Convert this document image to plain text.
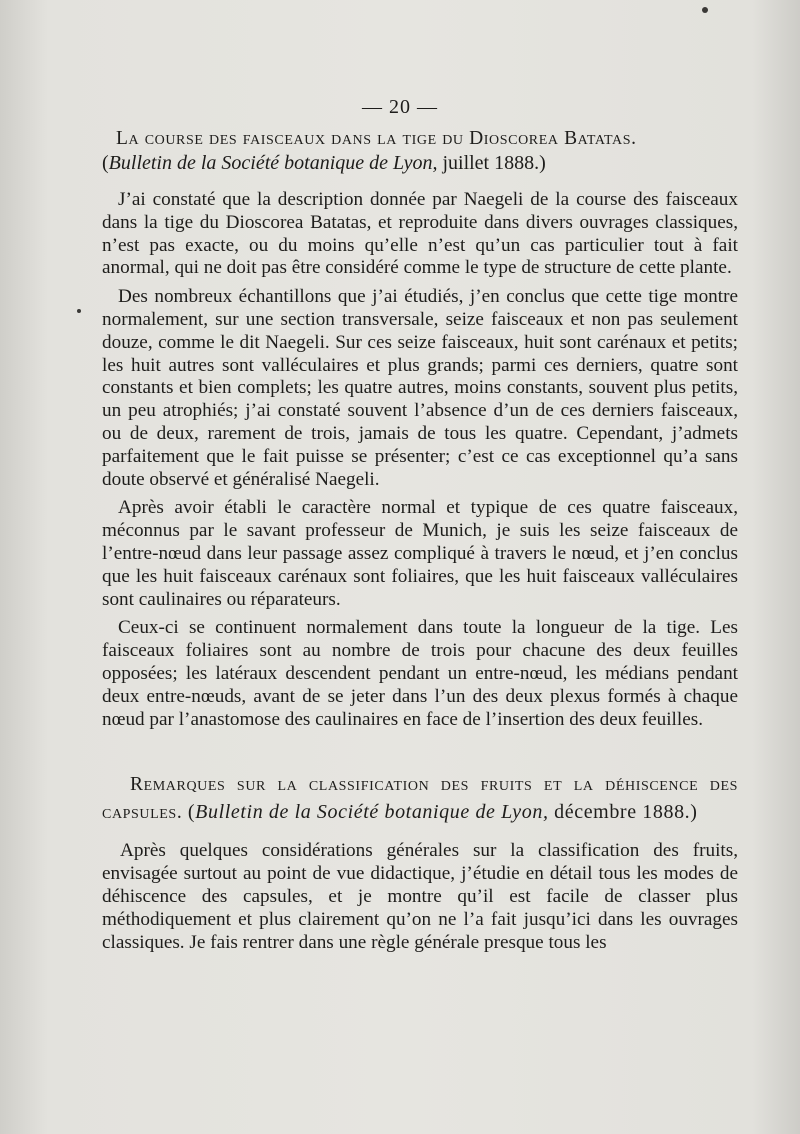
— 20 —

La course des faisceaux dans la tige du Dioscorea Batatas.

(Bulletin de la Société botanique de Lyon, juillet 1888.)

J’ai constaté que la description donnée par Naegeli de la course des faisceaux dans la tige du Dioscorea Batatas, et reproduite dans divers ouvrages classiques, n’est pas exacte, ou du moins qu’elle n’est qu’un cas particulier tout à fait anormal, qui ne doit pas être considéré comme le type de structure de cette plante.

Des nombreux échantillons que j’ai étudiés, j’en conclus que cette tige montre normalement, sur une section transversale, seize faisceaux et non pas seulement douze, comme le dit Naegeli. Sur ces seize faisceaux, huit sont carénaux et petits; les huit autres sont valléculaires et plus grands; parmi ces derniers, quatre sont constants et bien complets; les quatre autres, moins constants, souvent plus petits, un peu atrophiés; j’ai constaté souvent l’absence d’un de ces derniers faisceaux, ou de deux, rarement de trois, jamais de tous les quatre. Cependant, j’admets parfaitement que le fait puisse se présenter; c’est ce cas exceptionnel qu’a sans doute observé et généralisé Naegeli.

Après avoir établi le caractère normal et typique de ces quatre faisceaux, méconnus par le savant professeur de Munich, je suis les seize faisceaux de l’entre-nœud dans leur passage assez compliqué à travers le nœud, et j’en conclus que les huit faisceaux carénaux sont foliaires, que les huit faisceaux valléculaires sont caulinaires ou réparateurs.

Ceux-ci se continuent normalement dans toute la longueur de la tige. Les faisceaux foliaires sont au nombre de trois pour chacune des deux feuilles opposées; les latéraux descendent pendant un entre-nœud, les médians pendant deux entre-nœuds, avant de se jeter dans l’un des deux plexus formés à chaque nœud par l’anastomose des caulinaires en face de l’insertion des deux feuilles.

Remarques sur la classification des fruits et la déhiscence des capsules. (Bulletin de la Société botanique de Lyon, décembre 1888.)

Après quelques considérations générales sur la classification des fruits, envisagée surtout au point de vue didactique, j’étudie en détail tous les modes de déhiscence des capsules, et je montre qu’il est facile de classer plus méthodiquement et plus clairement qu’on ne l’a fait jusqu’ici dans les ouvrages classiques. Je fais rentrer dans une règle générale presque tous les
